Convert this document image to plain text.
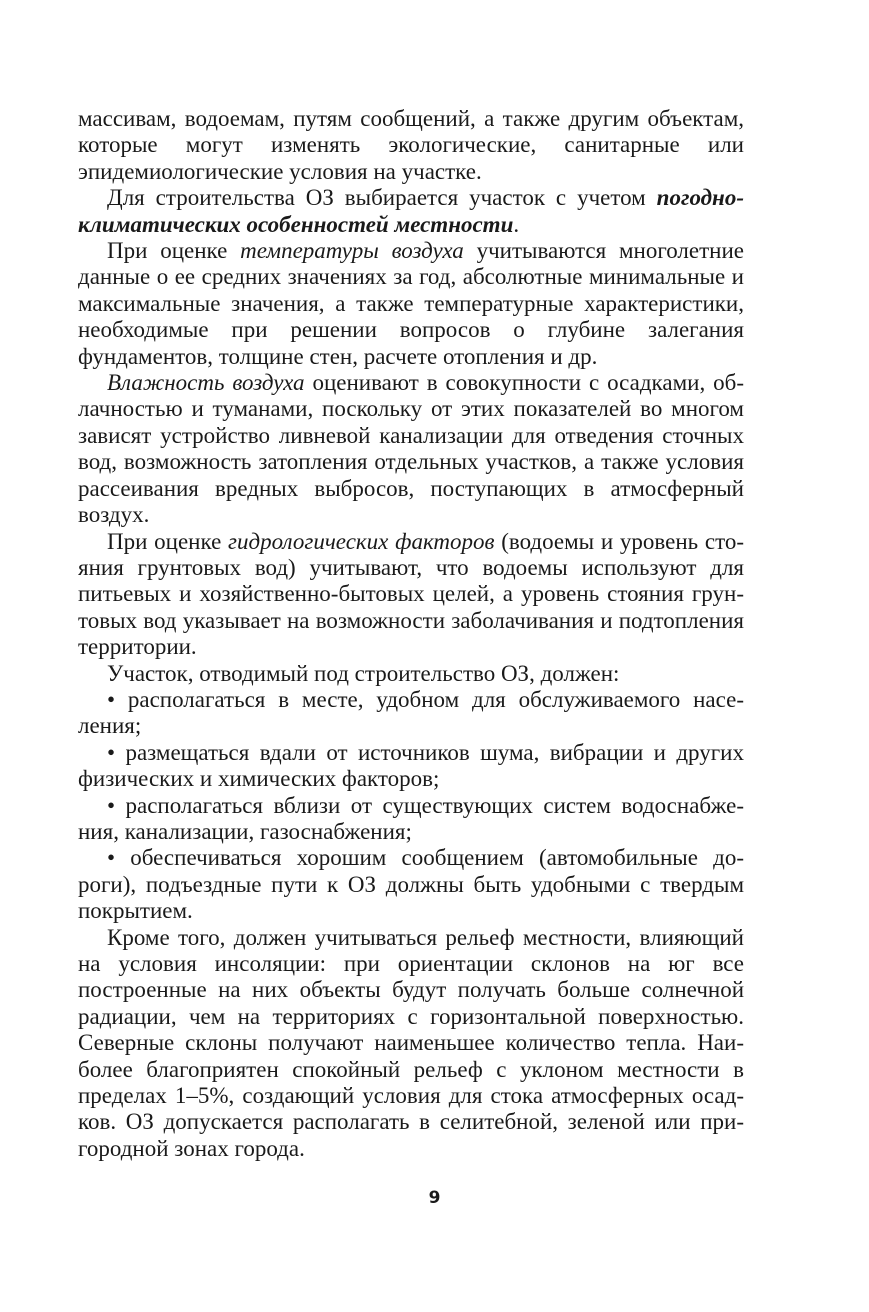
массивам, водоемам, путям сообщений, а также другим объектам, которые могут изменять экологические, санитарные или эпидемиологические условия на участке.

Для строительства ОЗ выбирается участок с учетом погодно-климатических особенностей местности.

При оценке температуры воздуха учитываются многолетние данные о ее средних значениях за год, абсолютные минимальные и максимальные значения, а также температурные характеристики, необходимые при решении вопросов о глубине залегания фундаментов, толщине стен, расчете отопления и др.

Влажность воздуха оценивают в совокупности с осадками, облачностью и туманами, поскольку от этих показателей во многом зависят устройство ливневой канализации для отведения сточных вод, возможность затопления отдельных участков, а также условия рассеивания вредных выбросов, поступающих в атмосферный воздух.

При оценке гидрологических факторов (водоемы и уровень стояния грунтовых вод) учитывают, что водоемы используют для питьевых и хозяйственно-бытовых целей, а уровень стояния грунтовых вод указывает на возможности заболачивания и подтопления территории.

Участок, отводимый под строительство ОЗ, должен:

• располагаться в месте, удобном для обслуживаемого населения;

• размещаться вдали от источников шума, вибрации и других физических и химических факторов;

• располагаться вблизи от существующих систем водоснабжения, канализации, газоснабжения;

• обеспечиваться хорошим сообщением (автомобильные дороги), подъездные пути к ОЗ должны быть удобными с твердым покрытием.

Кроме того, должен учитываться рельеф местности, влияющий на условия инсоляции: при ориентации склонов на юг все построенные на них объекты будут получать больше солнечной радиации, чем на территориях с горизонтальной поверхностью. Северные склоны получают наименьшее количество тепла. Наиболее благоприятен спокойный рельеф с уклоном местности в пределах 1–5%, создающий условия для стока атмосферных осадков. ОЗ допускается располагать в селитебной, зеленой или пригородной зонах города.

9
